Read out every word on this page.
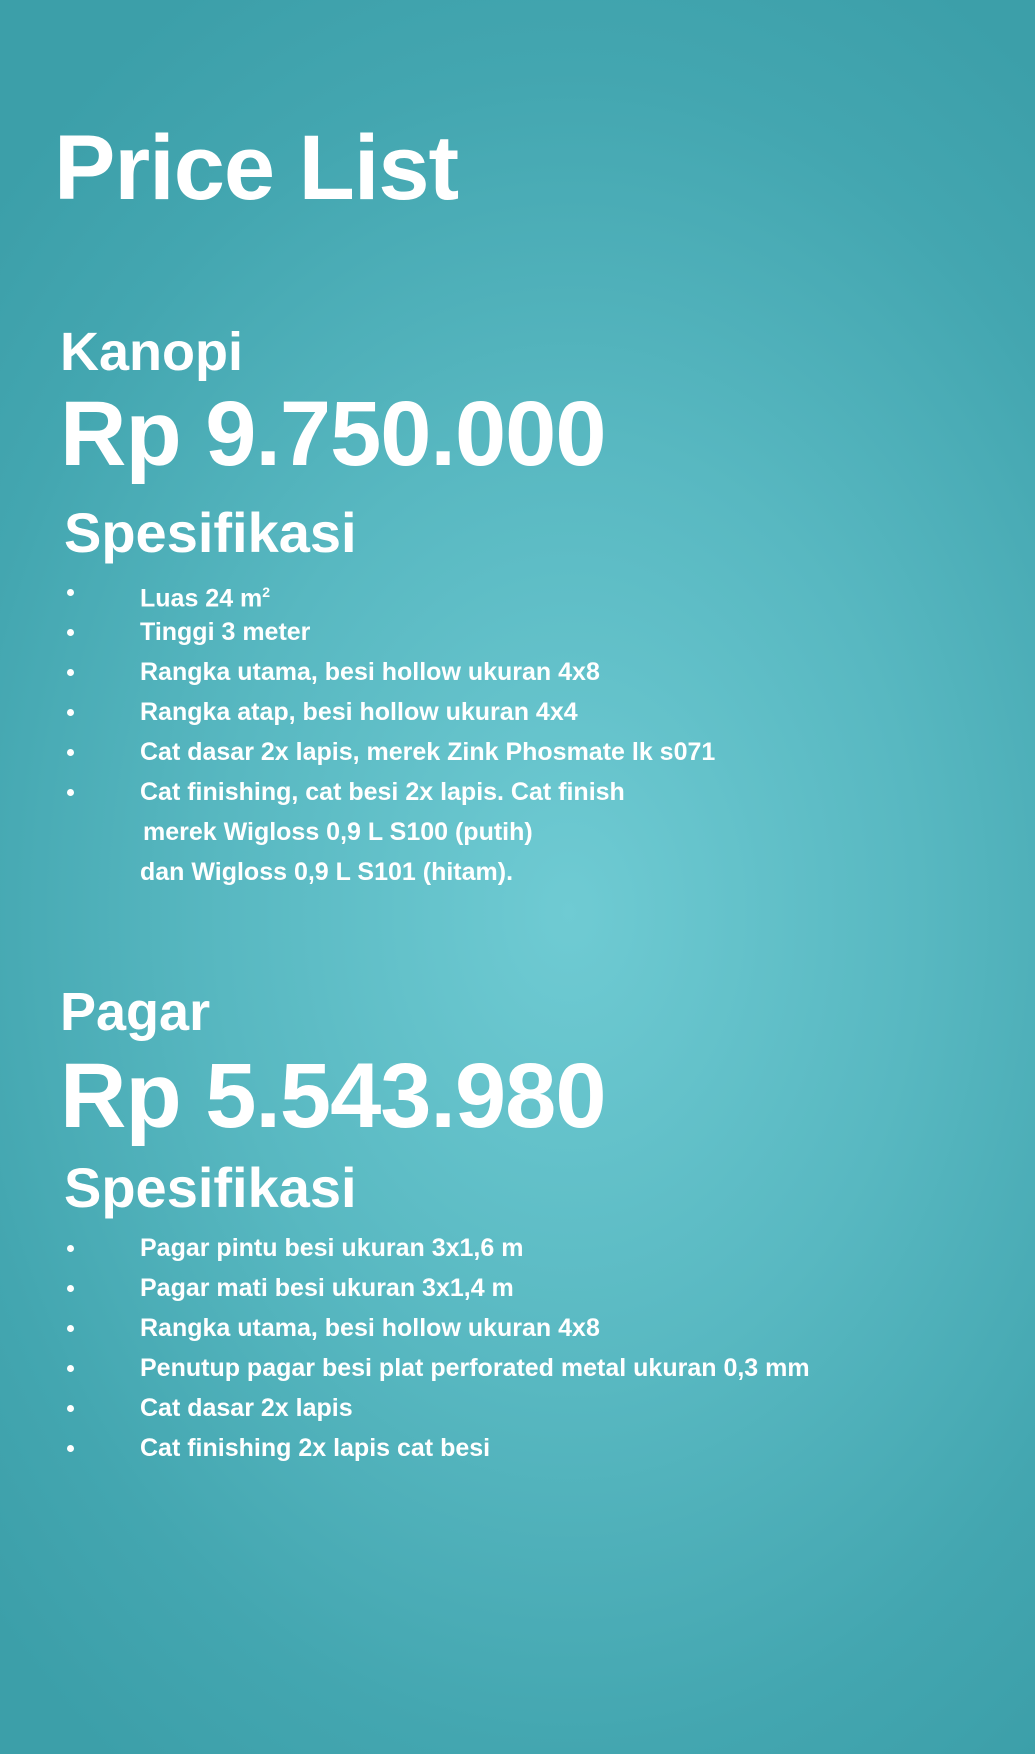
Price List
Kanopi
Rp 9.750.000
Spesifikasi
Luas 24 $m^2$
Tinggi 3 meter
Rangka utama, besi hollow ukuran 4x8
Rangka atap, besi hollow ukuran 4x4
Cat dasar 2x lapis, merek Zink Phosmate lk s071
Cat finishing, cat besi 2x lapis. Cat finish
merek Wigloss 0,9 L S100 (putih)
dan Wigloss 0,9 L S101 (hitam).
Pagar
Rp 5.543.980
Spesifikasi
Pagar pintu besi ukuran 3x1,6 m
Pagar mati besi ukuran 3x1,4 m
Rangka utama, besi hollow ukuran 4x8
Penutup pagar besi plat perforated metal ukuran 0,3 mm
Cat dasar 2x lapis
Cat finishing 2x lapis cat besi
